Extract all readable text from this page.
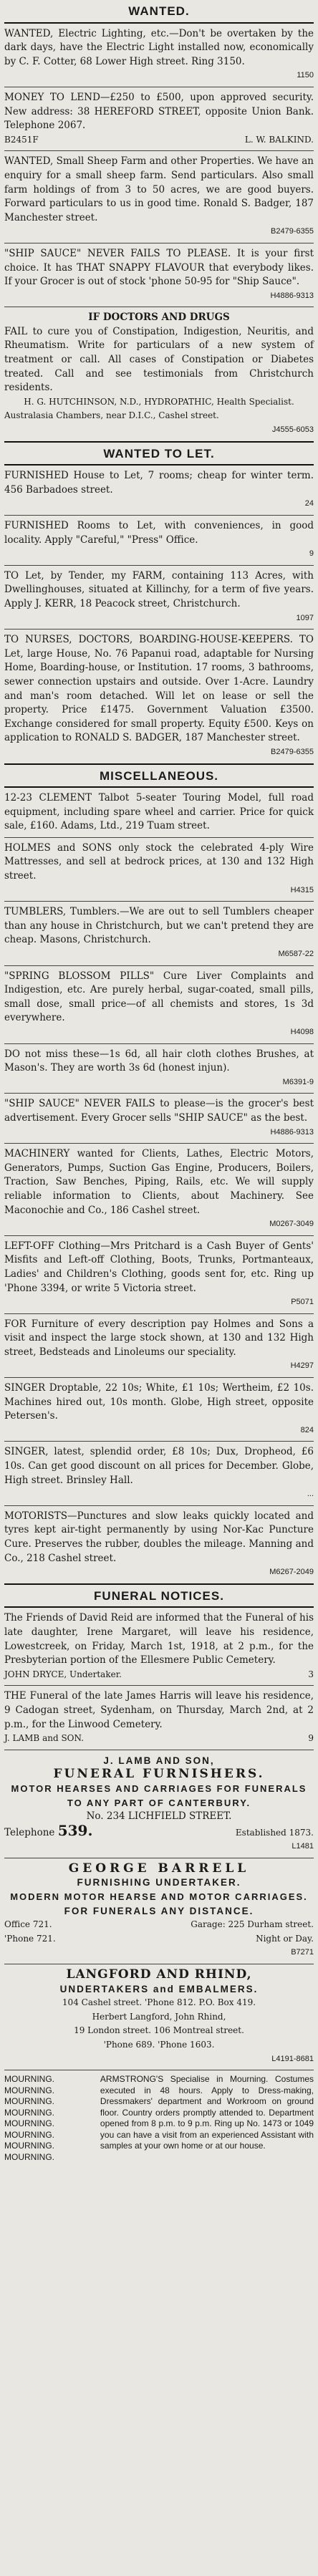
WANTED.

WANTED, Electric Lighting, etc.—Don't be overtaken by the dark days, have the Electric Light installed now, economically by C. F. Cotter, 68 Lower High street. Ring 3150.

1150

MONEY TO LEND—£250 to £500, upon approved security. New address: 38 HEREFORD STREET, opposite Union Bank. Telephone 2067.

B2451F	L. W. BALKIND.

WANTED, Small Sheep Farm and other Properties. We have an enquiry for a small sheep farm. Send particulars. Also small farm holdings of from 3 to 50 acres, we are good buyers. Forward particulars to us in good time. Ronald S. Badger, 187 Manchester street.

B2479-6355

"SHIP SAUCE" NEVER FAILS TO PLEASE. It is your first choice. It has THAT SNAPPY FLAVOUR that everybody likes. If your Grocer is out of stock 'phone 50-95 for "Ship Sauce".

H4886-9313
IF DOCTORS AND DRUGS

FAIL to cure you of Constipation, Indigestion, Neuritis, and Rheumatism. Write for particulars of a new system of treatment or call. All cases of Constipation or Diabetes treated. Call and see testimonials from Christchurch residents.

H. G. HUTCHINSON, N.D., HYDROPATHIC, Health Specialist.
Australasia Chambers, near D.I.C., Cashel street.
J4555-6053
WANTED TO LET.

FURNISHED House to Let, 7 rooms; cheap for winter term. 456 Barbadoes street.

24

FURNISHED Rooms to Let, with conveniences, in good locality. Apply "Careful," "Press" Office.

9

TO Let, by Tender, my FARM, containing 113 Acres, with Dwellinghouses, situated at Killinchy, for a term of five years. Apply J. KERR, 18 Peacock street, Christchurch.

1097

TO NURSES, DOCTORS, BOARDING-HOUSE-KEEPERS. TO Let, large House, No. 76 Papanui road, adaptable for Nursing Home, Boarding-house, or Institution. 17 rooms, 3 bathrooms, sewer connection upstairs and outside. Over 1-Acre. Laundry and man's room detached. Will let on lease or sell the property. Price £1475. Government Valuation £3500. Exchange considered for small property. Equity £500. Keys on application to RONALD S. BADGER, 187 Manchester street.

B2479-6355
MISCELLANEOUS.

12-23 CLEMENT Talbot 5-seater Touring Model, full road equipment, including spare wheel and carrier. Price for quick sale, £160. Adams, Ltd., 219 Tuam street.

HOLMES and SONS only stock the celebrated 4-ply Wire Mattresses, and sell at bedrock prices, at 130 and 132 High street.

H4315

TUMBLERS, Tumblers.—We are out to sell Tumblers cheaper than any house in Christchurch, but we can't pretend they are cheap. Masons, Christchurch.

M6587-22

"SPRING BLOSSOM PILLS" Cure Liver Complaints and Indigestion, etc. Are purely herbal, sugar-coated, small pills, small dose, small price—of all chemists and stores, 1s 3d everywhere.

H4098

DO not miss these—1s 6d, all hair cloth clothes Brushes, at Mason's. They are worth 3s 6d (honest injun).

M6391-9

"SHIP SAUCE" NEVER FAILS to please—is the grocer's best advertisement. Every Grocer sells "SHIP SAUCE" as the best.

H4886-9313

MACHINERY wanted for Clients, Lathes, Electric Motors, Generators, Pumps, Suction Gas Engine, Producers, Boilers, Traction, Saw Benches, Piping, Rails, etc. We will supply reliable information to Clients, about Machinery. See Maconochie and Co., 186 Cashel street.

M0267-3049

LEFT-OFF Clothing—Mrs Pritchard is a Cash Buyer of Gents' Misfits and Left-off Clothing, Boots, Trunks, Portmanteaux, Ladies' and Children's Clothing, goods sent for, etc. Ring up 'Phone 3394, or write 5 Victoria street.

P5071

FOR Furniture of every description pay Holmes and Sons a visit and inspect the large stock shown, at 130 and 132 High street, Bedsteads and Linoleums our speciality.

H4297

SINGER Droptable, 22 10s; White, £1 10s; Wertheim, £2 10s. Machines hired out, 10s month. Globe, High street, opposite Petersen's.

824

SINGER, latest, splendid order, £8 10s; Dux, Dropheod, £6 10s. Can get good discount on all prices for December. Globe, High street. Brinsley Hall.

...

MOTORISTS—Punctures and slow leaks quickly located and tyres kept air-tight permanently by using Nor-Kac Puncture Cure. Preserves the rubber, doubles the mileage. Manning and Co., 218 Cashel street.

M6267-2049
FUNERAL NOTICES.

The Friends of David Reid are informed that the Funeral of his late daughter, Irene Margaret, will leave his residence, Lowestcreek, on Friday, March 1st, 1918, at 2 p.m., for the Presbyterian portion of the Ellesmere Public Cemetery.

JOHN DRYCE, Undertaker.	3

THE Funeral of the late James Harris will leave his residence, 9 Cadogan street, Sydenham, on Thursday, March 2nd, at 2 p.m., for the Linwood Cemetery.

J. LAMB and SON.	9
J. LAMB AND SON,
FUNERAL FURNISHERS.
MOTOR HEARSES AND CARRIAGES FOR FUNERALS TO ANY PART OF CANTERBURY.
No. 234 LICHFIELD STREET.
Telephone 539.	Established 1873.
L1481
GEORGE BARRELL
FURNISHING UNDERTAKER.
MODERN MOTOR HEARSE AND MOTOR CARRIAGES.
FOR FUNERALS ANY DISTANCE.
Office 721.	Garage: 225 Durham street.
'Phone 721.	Night or Day.
B7271
LANGFORD AND RHIND,
UNDERTAKERS and EMBALMERS.
104 Cashel street. 'Phone 812. P.O. Box 419.
Herbert Langford, John Rhind,
19 London street. 106 Montreal street.
'Phone 689. 'Phone 1603.
L4191-8681
MOURNING.
MOURNING.
MOURNING.
MOURNING.
MOURNING.
MOURNING.
MOURNING.
MOURNING.
ARMSTRONG'S Specialise in Mourning. Costumes executed in 48 hours. Apply to Dress-making, Dressmakers' department and Workroom on ground floor. Country orders promptly attended to. Department opened from 8 p.m. to 9 p.m. Ring up No. 1473 or 1049 you can have a visit from an experienced Assistant with samples at your own home or at our house.
